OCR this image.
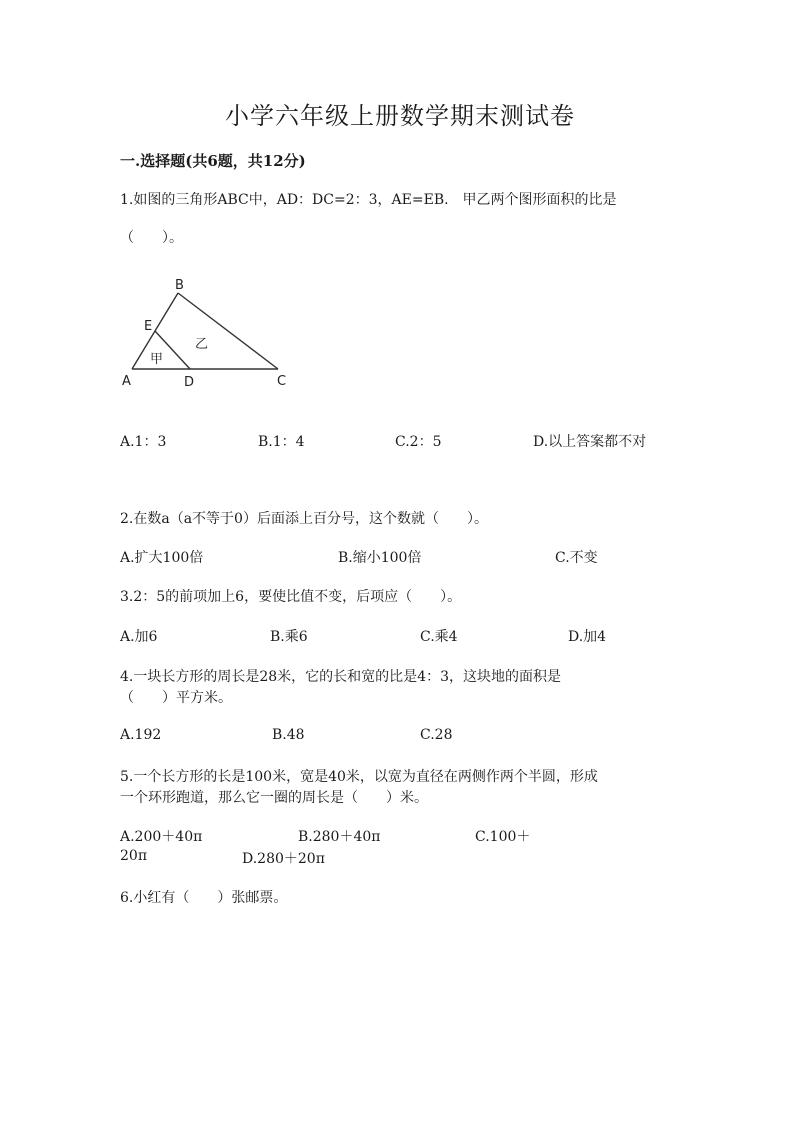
小学六年级上册数学期末测试卷
一.选择题(共6题，共12分)
1.如图的三角形ABC中，AD：DC=2：3，AE=EB.　甲乙两个图形面积的比是
（　　）。
A
B
C
D
E
甲
乙
A.1：3	B.1：4	C.2：5	D.以上答案都不对
2.在数a（a不等于0）后面添上百分号，这个数就（　　）。
A.扩大100倍	B.缩小100倍	C.不变
3.2：5的前项加上6，要使比值不变，后项应（　　）。
A.加6	B.乘6	C.乘4	D.加4
4.一块长方形的周长是28米，它的长和宽的比是4：3，这块地的面积是
（　　）平方米。
A.192	B.48	C.28
5.一个长方形的长是100米，宽是40米，以宽为直径在两侧作两个半圆，形成
一个环形跑道，那么它一圈的周长是（　　）米。
A.200＋40π	B.280＋40π	C.100＋
20π	D.280＋20π
6.小红有（　　）张邮票。
